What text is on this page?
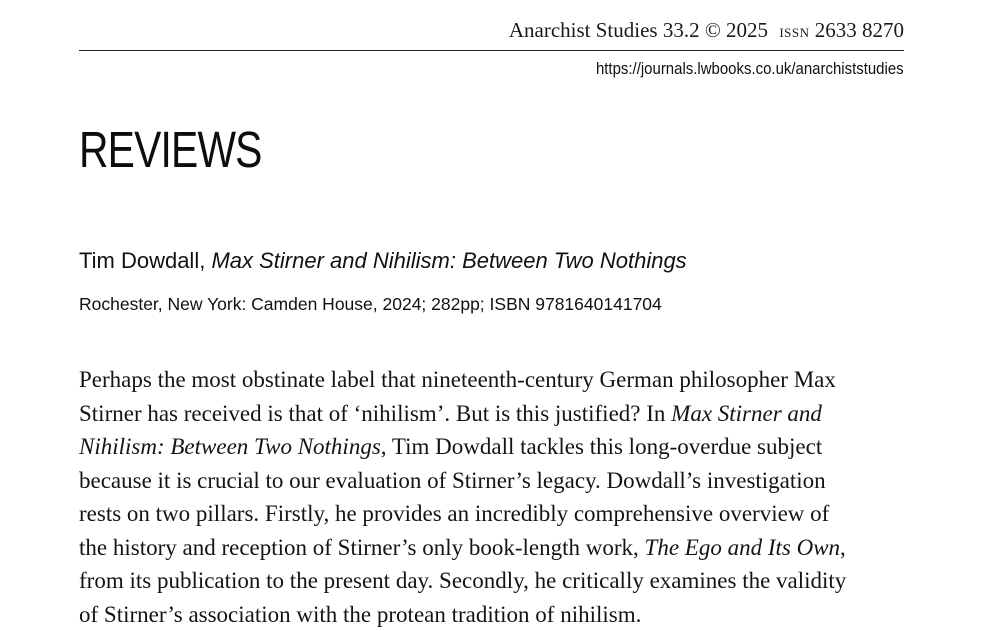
Anarchist Studies 33.2 © 2025 issn 2633 8270
https://journals.lwbooks.co.uk/anarchiststudies
REVIEWS
Tim Dowdall, Max Stirner and Nihilism: Between Two Nothings
Rochester, New York: Camden House, 2024; 282pp; ISBN 9781640141704

Perhaps the most obstinate label that nineteenth-century German philosopher Max
Stirner has received is that of ‘nihilism’. But is this justified? In Max Stirner and
Nihilism: Between Two Nothings, Tim Dowdall tackles this long-overdue subject
because it is crucial to our evaluation of Stirner’s legacy. Dowdall’s investigation
rests on two pillars. Firstly, he provides an incredibly comprehensive overview of
the history and reception of Stirner’s only book-length work, The Ego and Its Own,
from its publication to the present day. Secondly, he critically examines the validity
of Stirner’s association with the protean tradition of nihilism.
